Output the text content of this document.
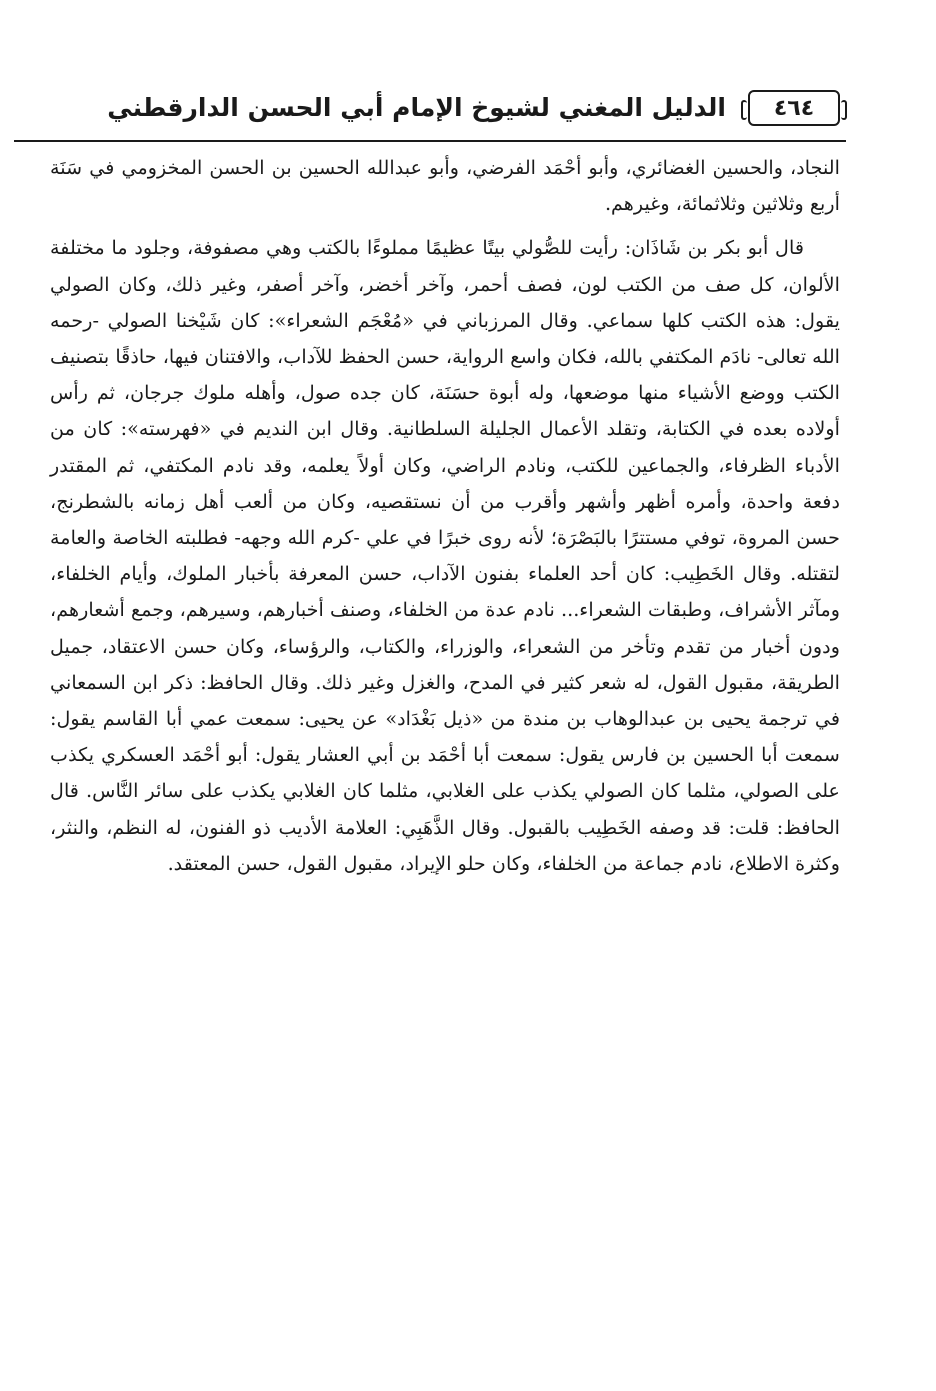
٤٦٤
الدليل المغني لشيوخ الإمام أبي الحسن الدارقطني

النجاد، والحسين الغضائري، وأبو أحْمَد الفرضي، وأبو عبدالله الحسين بن الحسن المخزومي في سَنَة أربع وثلاثين وثلاثمائة، وغيرهم.

قال أبو بكر بن شَاذَان: رأيت للصُّولي بيتًا عظيمًا مملوءًا بالكتب وهي مصفوفة، وجلود ما مختلفة الألوان، كل صف من الكتب لون، فصف أحمر، وآخر أخضر، وآخر أصفر، وغير ذلك، وكان الصولي يقول: هذه الكتب كلها سماعي. وقال المرزباني في «مُعْجَم الشعراء»: كان شَيْخنا الصولي -رحمه الله تعالى- نادَم المكتفي بالله، فكان واسع الرواية، حسن الحفظ للآداب، والافتنان فيها، حاذقًا بتصنيف الكتب ووضع الأشياء منها موضعها، وله أبوة حسَنَة، كان جده صول، وأهله ملوك جرجان، ثم رأس أولاده بعده في الكتابة، وتقلد الأعمال الجليلة السلطانية. وقال ابن النديم في «فهرسته»: كان من الأدباء الظرفاء، والجماعين للكتب، ونادم الراضي، وكان أولاً يعلمه، وقد نادم المكتفي، ثم المقتدر دفعة واحدة، وأمره أظهر وأشهر وأقرب من أن نستقصيه، وكان من ألعب أهل زمانه بالشطرنج، حسن المروة، توفي مستترًا بالبَصْرَة؛ لأنه روى خبرًا في علي -كرم الله وجهه- فطلبته الخاصة والعامة لتقتله. وقال الخَطِيب: كان أحد العلماء بفنون الآداب، حسن المعرفة بأخبار الملوك، وأيام الخلفاء، ومآثر الأشراف، وطبقات الشعراء... نادم عدة من الخلفاء، وصنف أخبارهم، وسيرهم، وجمع أشعارهم، ودون أخبار من تقدم وتأخر من الشعراء، والوزراء، والكتاب، والرؤساء، وكان حسن الاعتقاد، جميل الطريقة، مقبول القول، له شعر كثير في المدح، والغزل وغير ذلك. وقال الحافظ: ذكر ابن السمعاني في ترجمة يحيى بن عبدالوهاب بن مندة من «ذيل بَغْدَاد» عن يحيى: سمعت عمي أبا القاسم يقول: سمعت أبا الحسين بن فارس يقول: سمعت أبا أحْمَد بن أبي العشار يقول: أبو أحْمَد العسكري يكذب على الصولي، مثلما كان الصولي يكذب على الغلابي، مثلما كان الغلابي يكذب على سائر النَّاس. قال الحافظ: قلت: قد وصفه الخَطِيب بالقبول. وقال الذَّهَبِي: العلامة الأديب ذو الفنون، له النظم، والنثر، وكثرة الاطلاع، نادم جماعة من الخلفاء، وكان حلو الإيراد، مقبول القول، حسن المعتقد.
